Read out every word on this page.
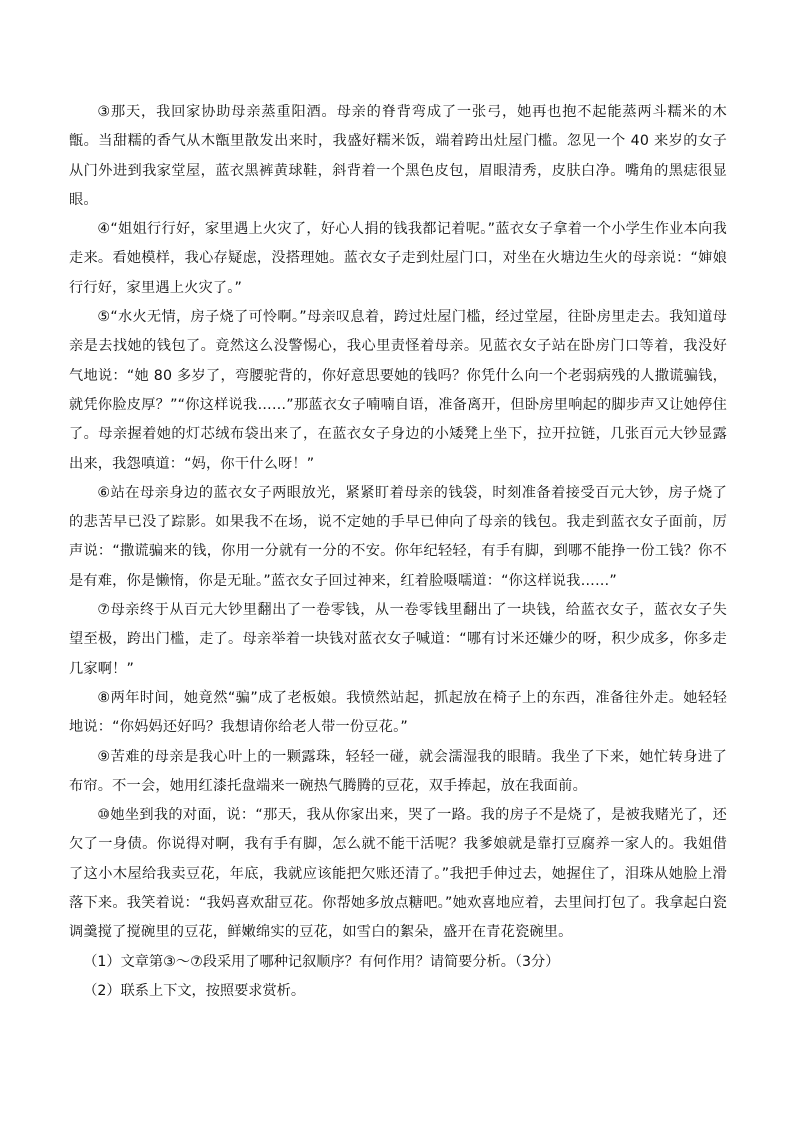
③那天，我回家协助母亲蒸重阳酒。母亲的脊背弯成了一张弓，她再也抱不起能蒸两斗糯米的木甑。当甜糯的香气从木甑里散发出来时，我盛好糯米饭，端着跨出灶屋门槛。忽见一个 40 来岁的女子从门外进到我家堂屋，蓝衣黑裤黄球鞋，斜背着一个黑色皮包，眉眼清秀，皮肤白净。嘴角的黑痣很显眼。

④“姐姐行行好，家里遇上火灾了，好心人捐的钱我都记着呢。”蓝衣女子拿着一个小学生作业本向我走来。看她模样，我心存疑虑，没搭理她。蓝衣女子走到灶屋门口，对坐在火塘边生火的母亲说：“婶娘行行好，家里遇上火灾了。”

⑤“水火无情，房子烧了可怜啊。”母亲叹息着，跨过灶屋门槛，经过堂屋，往卧房里走去。我知道母亲是去找她的钱包了。竟然这么没警惕心，我心里责怪着母亲。见蓝衣女子站在卧房门口等着，我没好气地说：“她 80 多岁了，弯腰驼背的，你好意思要她的钱吗？你凭什么向一个老弱病残的人撒谎骗钱，就凭你脸皮厚？”“你这样说我……”那蓝衣女子喃喃自语，准备离开，但卧房里响起的脚步声又让她停住了。母亲握着她的灯芯绒布袋出来了，在蓝衣女子身边的小矮凳上坐下，拉开拉链，几张百元大钞显露出来，我怨嗔道：“妈，你干什么呀！”

⑥站在母亲身边的蓝衣女子两眼放光，紧紧盯着母亲的钱袋，时刻准备着接受百元大钞，房子烧了的悲苦早已没了踪影。如果我不在场，说不定她的手早已伸向了母亲的钱包。我走到蓝衣女子面前，厉声说：“撒谎骗来的钱，你用一分就有一分的不安。你年纪轻轻，有手有脚，到哪不能挣一份工钱？你不是有难，你是懒惰，你是无耻。”蓝衣女子回过神来，红着脸嗫嚅道：“你这样说我……”

⑦母亲终于从百元大钞里翻出了一卷零钱，从一卷零钱里翻出了一块钱，给蓝衣女子，蓝衣女子失望至极，跨出门槛，走了。母亲举着一块钱对蓝衣女子喊道：“哪有讨米还嫌少的呀，积少成多，你多走几家啊！”

⑧两年时间，她竟然“骗”成了老板娘。我愤然站起，抓起放在椅子上的东西，准备往外走。她轻轻地说：“你妈妈还好吗？我想请你给老人带一份豆花。”

⑨苦难的母亲是我心叶上的一颗露珠，轻轻一碰，就会濡湿我的眼睛。我坐了下来，她忙转身进了布帘。不一会，她用红漆托盘端来一碗热气腾腾的豆花，双手捧起，放在我面前。

⑩她坐到我的对面，说：“那天，我从你家出来，哭了一路。我的房子不是烧了，是被我赌光了，还欠了一身债。你说得对啊，我有手有脚，怎么就不能干活呢？我爹娘就是靠打豆腐养一家人的。我姐借了这小木屋给我卖豆花，年底，我就应该能把欠账还清了。”我把手伸过去，她握住了，泪珠从她脸上滑落下来。我笑着说：“我妈喜欢甜豆花。你帮她多放点糖吧。”她欢喜地应着，去里间打包了。我拿起白瓷调羹搅了搅碗里的豆花，鲜嫩绵实的豆花，如雪白的絮朵，盛开在青花瓷碗里。

（1）文章第③～⑦段采用了哪种记叙顺序？有何作用？请简要分析。（3分）

（2）联系上下文，按照要求赏析。
